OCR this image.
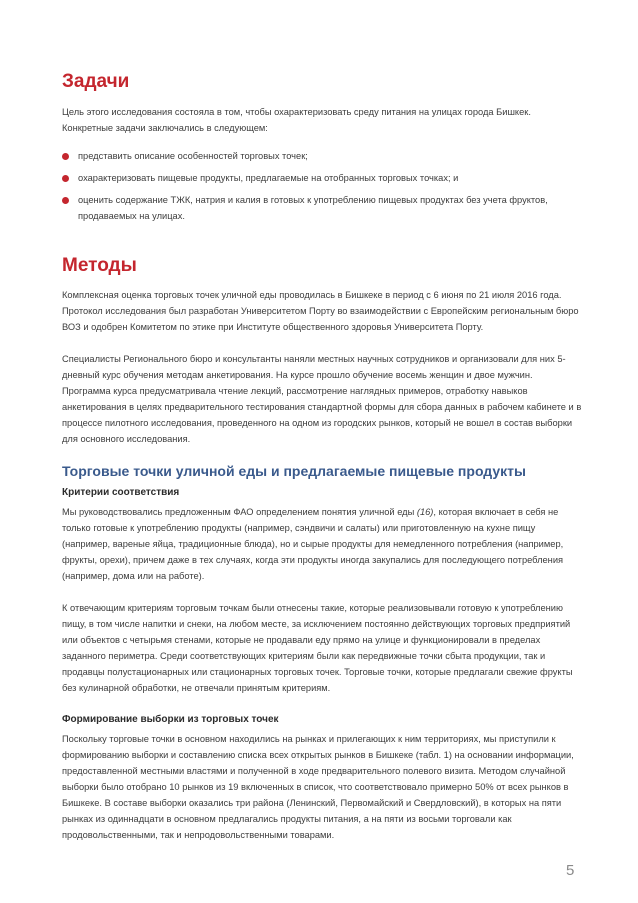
Задачи

Цель этого исследования состояла в том, чтобы охарактеризовать среду питания на улицах города Бишкек. Конкретные задачи заключались в следующем:

представить описание особенностей торговых точек;
охарактеризовать пищевые продукты, предлагаемые на отобранных торговых точках; и
оценить содержание ТЖК, натрия и калия в готовых к употреблению пищевых продуктах без учета фруктов, продаваемых на улицах.
Методы

Комплексная оценка торговых точек уличной еды проводилась в Бишкеке в период с 6 июня по 21 июля 2016 года. Протокол исследования был разработан Университетом Порту во взаимодействии с Европейским региональным бюро ВОЗ и одобрен Комитетом по этике при Институте общественного здоровья Университета Порту.

Специалисты Регионального бюро и консультанты наняли местных научных сотрудников и организовали для них 5-дневный курс обучения методам анкетирования. На курсе прошло обучение восемь женщин и двое мужчин. Программа курса предусматривала чтение лекций, рассмотрение наглядных примеров, отработку навыков анкетирования в целях предварительного тестирования стандартной формы для сбора данных в рабочем кабинете и в процессе пилотного исследования, проведенного на одном из городских рынков, который не вошел в состав выборки для основного исследования.

Торговые точки уличной еды и предлагаемые пищевые продукты
Критерии соответствия

Мы руководствовались предложенным ФАО определением понятия уличной еды (16), которая включает в себя не только готовые к употреблению продукты (например, сэндвичи и салаты) или приготовленную на кухне пищу (например, вареные яйца, традиционные блюда), но и сырые продукты для немедленного потребления (например, фрукты, орехи), причем даже в тех случаях, когда эти продукты иногда закупались для последующего потребления (например, дома или на работе).

К отвечающим критериям торговым точкам были отнесены такие, которые реализовывали готовую к употреблению пищу, в том числе напитки и снеки, на любом месте, за исключением постоянно действующих торговых предприятий или объектов с четырьмя стенами, которые не продавали еду прямо на улице и функционировали в пределах заданного периметра. Среди соответствующих критериям были как передвижные точки сбыта продукции, так и продавцы полустационарных или стационарных торговых точек. Торговые точки, которые предлагали свежие фрукты без кулинарной обработки, не отвечали принятым критериям.

Формирование выборки из торговых точек

Поскольку торговые точки в основном находились на рынках и прилегающих к ним территориях, мы приступили к формированию выборки и составлению списка всех открытых рынков в Бишкеке (табл. 1) на основании информации, предоставленной местными властями и полученной в ходе предварительного полевого визита. Методом случайной выборки было отобрано 10 рынков из 19 включенных в список, что соответствовало примерно 50% от всех рынков в Бишкеке. В составе выборки оказались три района (Ленинский, Первомайский и Свердловский), в которых на пяти рынках из одиннадцати в основном предлагались продукты питания, а на пяти из восьми торговали как продовольственными, так и непродовольственными товарами.

5
